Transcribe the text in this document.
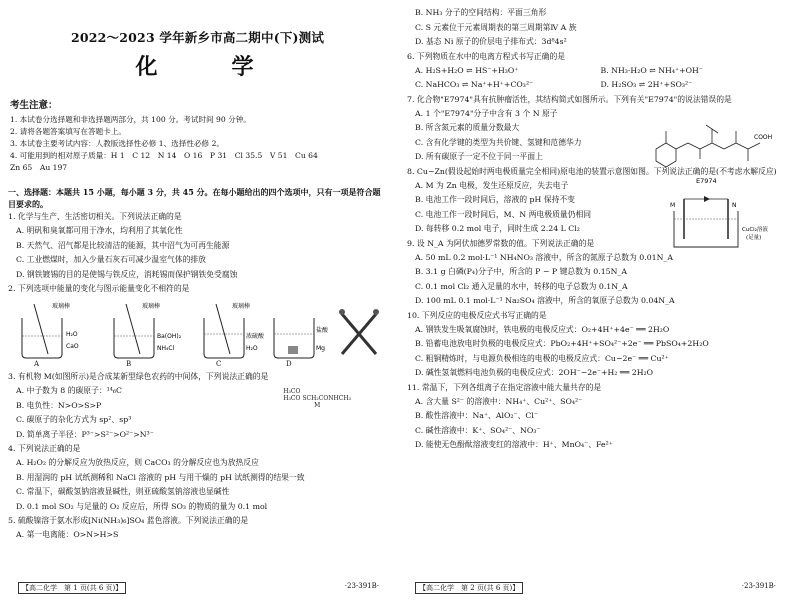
2022～2023 学年新乡市高二期中(下)测试
化　学
考生注意：

1. 本试卷分选择题和非选择题两部分，共 100 分。考试时间 90 分钟。

2. 请将各题答案填写在答题卡上。

3. 本试卷主要考试内容：人教版选择性必修 1、选择性必修 2。

4. 可能用到的相对原子质量：H 1　C 12　N 14　O 16　P 31　Cl 35.5　V 51　Cu 64

Zn 65　Au 197

一、选择题：本题共 15 小题，每小题 3 分，共 45 分。在每小题给出的四个选项中，只有一项是符合题目要求的。
1. 化学与生产、生活密切相关。下列说法正确的是
A. 明矾和臭氧都可用于净水，均利用了其氧化性
B. 天然气、沼气都是比较清洁的能源，其中沼气为可再生能源
C. 工业燃煤时，加入少量石灰石可减少温室气体的排放
D. 钢铁镀锡的目的是使锡与铁反应，消耗锡而保护钢铁免受腐蚀
2. 下列选项中能量的变化与图示能量变化不相符的是
玻璃棒
H₂O
CaO
玻璃棒
Ba(OH)₂
NH₄Cl
玻璃棒
浓硫酸
H₂O
盐酸
Mg
A	B	C	D
3. 有机物 M(如图所示)是合成某新型绿色农药的中间体，下列说法正确的是
H₃CO
H₃CO SCH₂CONHCH₃
M
A. 中子数为 8 的碳原子：¹⁴₆C
B. 电负性：N>O>S>P
C. 碳原子的杂化方式为 sp²、sp³
D. 简单离子半径：P³⁻>S²⁻>O²⁻>N³⁻
4. 下列说法正确的是
A. H₂O₂ 的分解反应为放热反应，则 CaCO₃ 的分解反应也为放热反应
B. 用湿润的 pH 试纸测稀和 NaCl 溶液的 pH 与用干燥的 pH 试纸测得的结果一致
C. 常温下，碳酸氢钠溶液显碱性，则亚硫酸氢钠溶液也显碱性
D. 0.1 mol SO₂ 与足量的 O₂ 反应后，所得 SO₃ 的物质的量为 0.1 mol
5. 硫酸镍溶于氨水形成[Ni(NH₃)₆]SO₄ 蓝色溶液。下列说法正确的是
A. 第一电离能：O>N>H>S
【高二化学　第 1 页(共 6 页)】	·23-391B·
B. NH₃ 分子的空间结构：平面三角形
C. S 元素位于元素周期表的第三周期第Ⅳ A 族
D. 基态 Ni 原子的价层电子排布式：3d⁸4s²
6. 下列物质在水中的电离方程式书写正确的是
A. H₂S+H₂O ⇌ HS⁻+H₃O⁺	B. NH₃·H₂O ⇌ NH₄⁺+OH⁻
C. NaHCO₃ ⇌ Na⁺+H⁺+CO₃²⁻	D. H₂SO₃ ⇌ 2H⁺+SO₃²⁻
7. 化合物"E7974"具有抗肿瘤活性，其结构简式如图所示。下列有关"E7974"的说法错误的是
A. 1 个"E7974"分子中含有 3 个 N 原子
B. 所含氮元素的质量分数最大
C. 含有化学键的类型为共价键、氢键和范德华力
D. 所有碳原子一定不位于同一平面上
COOH
E7974
8. Cu−Zn(假设起始时两电极质量完全相同)原电池的装置示意图如图。下列说法正确的是(不考虑水解反应)
A. M 为 Zn 电极，发生还原反应，失去电子
B. 电池工作一段时间后，溶液的 pH 保持不变
C. 电池工作一段时间后，M、N 两电极质量仍相同
D. 每转移 0.2 mol 电子，同时生成 2.24 L Cl₂
M	N
CuCl₂溶液
(足量)
9. 设 N_A 为阿伏加德罗常数的值。下列说法正确的是
A. 50 mL 0.2 mol·L⁻¹ NH₄NO₃ 溶液中，所含的氮原子总数为 0.01N_A
B. 3.1 g 白磷(P₄)分子中，所含的 P − P 键总数为 0.15N_A
C. 0.1 mol Cl₂ 通入足量的水中，转移的电子总数为 0.1N_A
D. 100 mL 0.1 mol·L⁻¹ Na₂SO₄ 溶液中，所含的氧原子总数为 0.04N_A
10. 下列反应的电极反应式书写正确的是
A. 钢铁发生吸氧腐蚀时，铁电极的电极反应式：O₂+4H⁺+4e⁻ ══ 2H₂O
B. 铅蓄电池放电时负极的电极反应式：PbO₂+4H⁺+SO₄²⁻+2e⁻ ══ PbSO₄+2H₂O
C. 粗铜精炼时，与电源负极相连的电极的电极反应式：Cu−2e⁻ ══ Cu²⁺
D. 碱性氢氧燃料电池负极的电极反应式：2OH⁻−2e⁻+H₂ ══ 2H₂O
11. 常温下，下列各组离子在指定溶液中能大量共存的是
A. 含大量 S²⁻ 的溶液中：NH₄⁺、Cu²⁺、SO₄²⁻
B. 酸性溶液中：Na⁺、AlO₂⁻、Cl⁻
C. 碱性溶液中：K⁺、SO₄²⁻、NO₃⁻
D. 能使无色酚酞溶液变红的溶液中：H⁺、MnO₄⁻、Fe²⁺
【高二化学　第 2 页(共 6 页)】	·23-391B·
